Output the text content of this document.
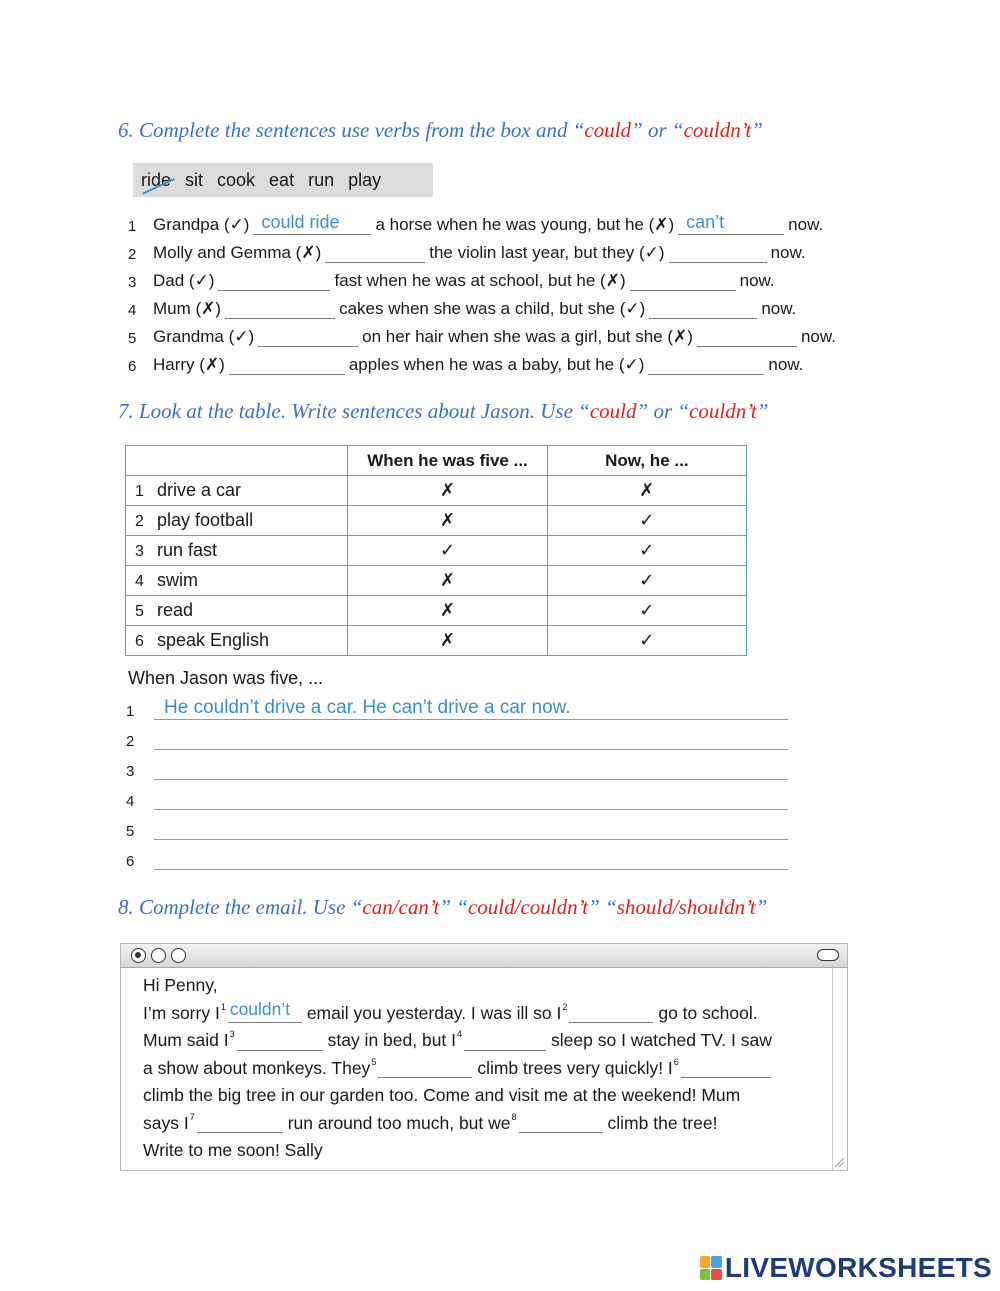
6. Complete the sentences use verbs from the box and “could” or “couldn’t”
ride sit cook eat run play
1 Grandpa (✓) could ride a horse when he was young, but he (✗) can’t	now.
2 Molly and Gemma (✗)	the violin last year, but they (✓)	now.
3 Dad (✓)	fast when he was at school, but he (✗)	now.
4 Mum (✗)	cakes when she was a child, but she (✓)	now.
5 Grandma (✓)	on her hair when she was a girl, but she (✗)	now.
6 Harry (✗)	apples when he was a baby, but he (✓)	now.
7. Look at the table. Write sentences about Jason. Use “could” or “couldn’t”
	When he was five ...	Now, he ...
1 drive a car	✗	✗
2 play football	✗	✓
3 run fast	✓	✓
4 swim	✗	✓
5 read	✗	✓
6 speak English	✗	✓
When Jason was five, ...
1	He couldn’t drive a car. He can’t drive a car now.
2
3
4
5
6
8. Complete the email. Use “can/can’t” “could/couldn’t” “should/shouldn’t”
Hi Penny,
I’m sorry I 1 couldn’t email you yesterday. I was ill so I 2	go to school.
Mum said I 3	stay in bed, but I 4	sleep so I watched TV. I saw
a show about monkeys. They 5	climb trees very quickly! I 6
climb the big tree in our garden too. Come and visit me at the weekend! Mum
says I 7	run around too much, but we 8	climb the tree!
Write to me soon! Sally
LIVEWORKSHEETS
